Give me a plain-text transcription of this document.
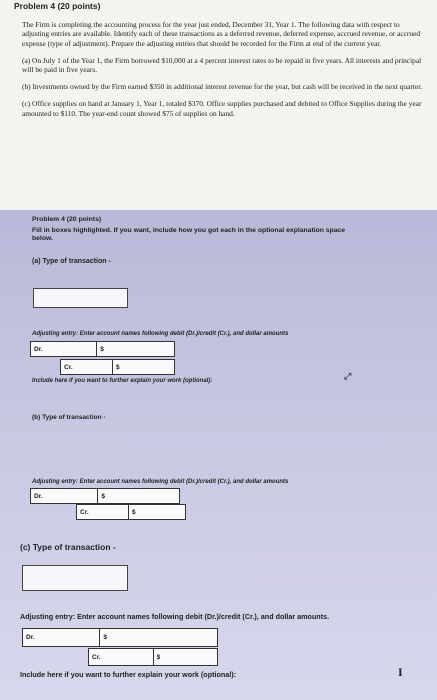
Problem 4 (20 points)

The Firm is completing the accounting process for the year just ended, December 31, Year 1. The following data with respect to adjusting entries are available. Identify each of these transactions as a deferred revenue, deferred expense, accrued revenue, or accrued expense (type of adjustment). Prepare the adjusting entries that should be recorded for the Firm at end of the current year.

(a) On July 1 of the Year 1, the Firm borrowed $10,000 at a 4 percent interest rates to be repaid in five years. All interests and principal will be paid in five years.

(b) Investments owned by the Firm earned $350 in additional interest revenue for the year, but cash will be received in the next quarter.

(c) Office supplies on hand at January 1, Year 1, totaled $370. Office supplies purchased and debited to Office Supplies during the year amounted to $110. The year-end count showed $75 of supplies on hand.

Problem 4 (20 points)
Fill in boxes highlighted. If you want, include how you got each in the optional explanation space below.
(a) Type of transaction -
Adjusting entry: Enter account names following debit (Dr.)/credit (Cr.), and dollar amounts
Dr.	$
Cr.	$
Include here if you want to further explain your work (optional):	⤢
(b) Type of transaction -
Adjusting entry: Enter account names following debit (Dr.)/credit (Cr.), and dollar amounts
Dr.	$
Cr.	$
(c) Type of transaction -
Adjusting entry: Enter account names following debit (Dr.)/credit (Cr.), and dollar amounts.
Dr.	$
Cr.	$
Include here if you want to further explain your work (optional):	I
